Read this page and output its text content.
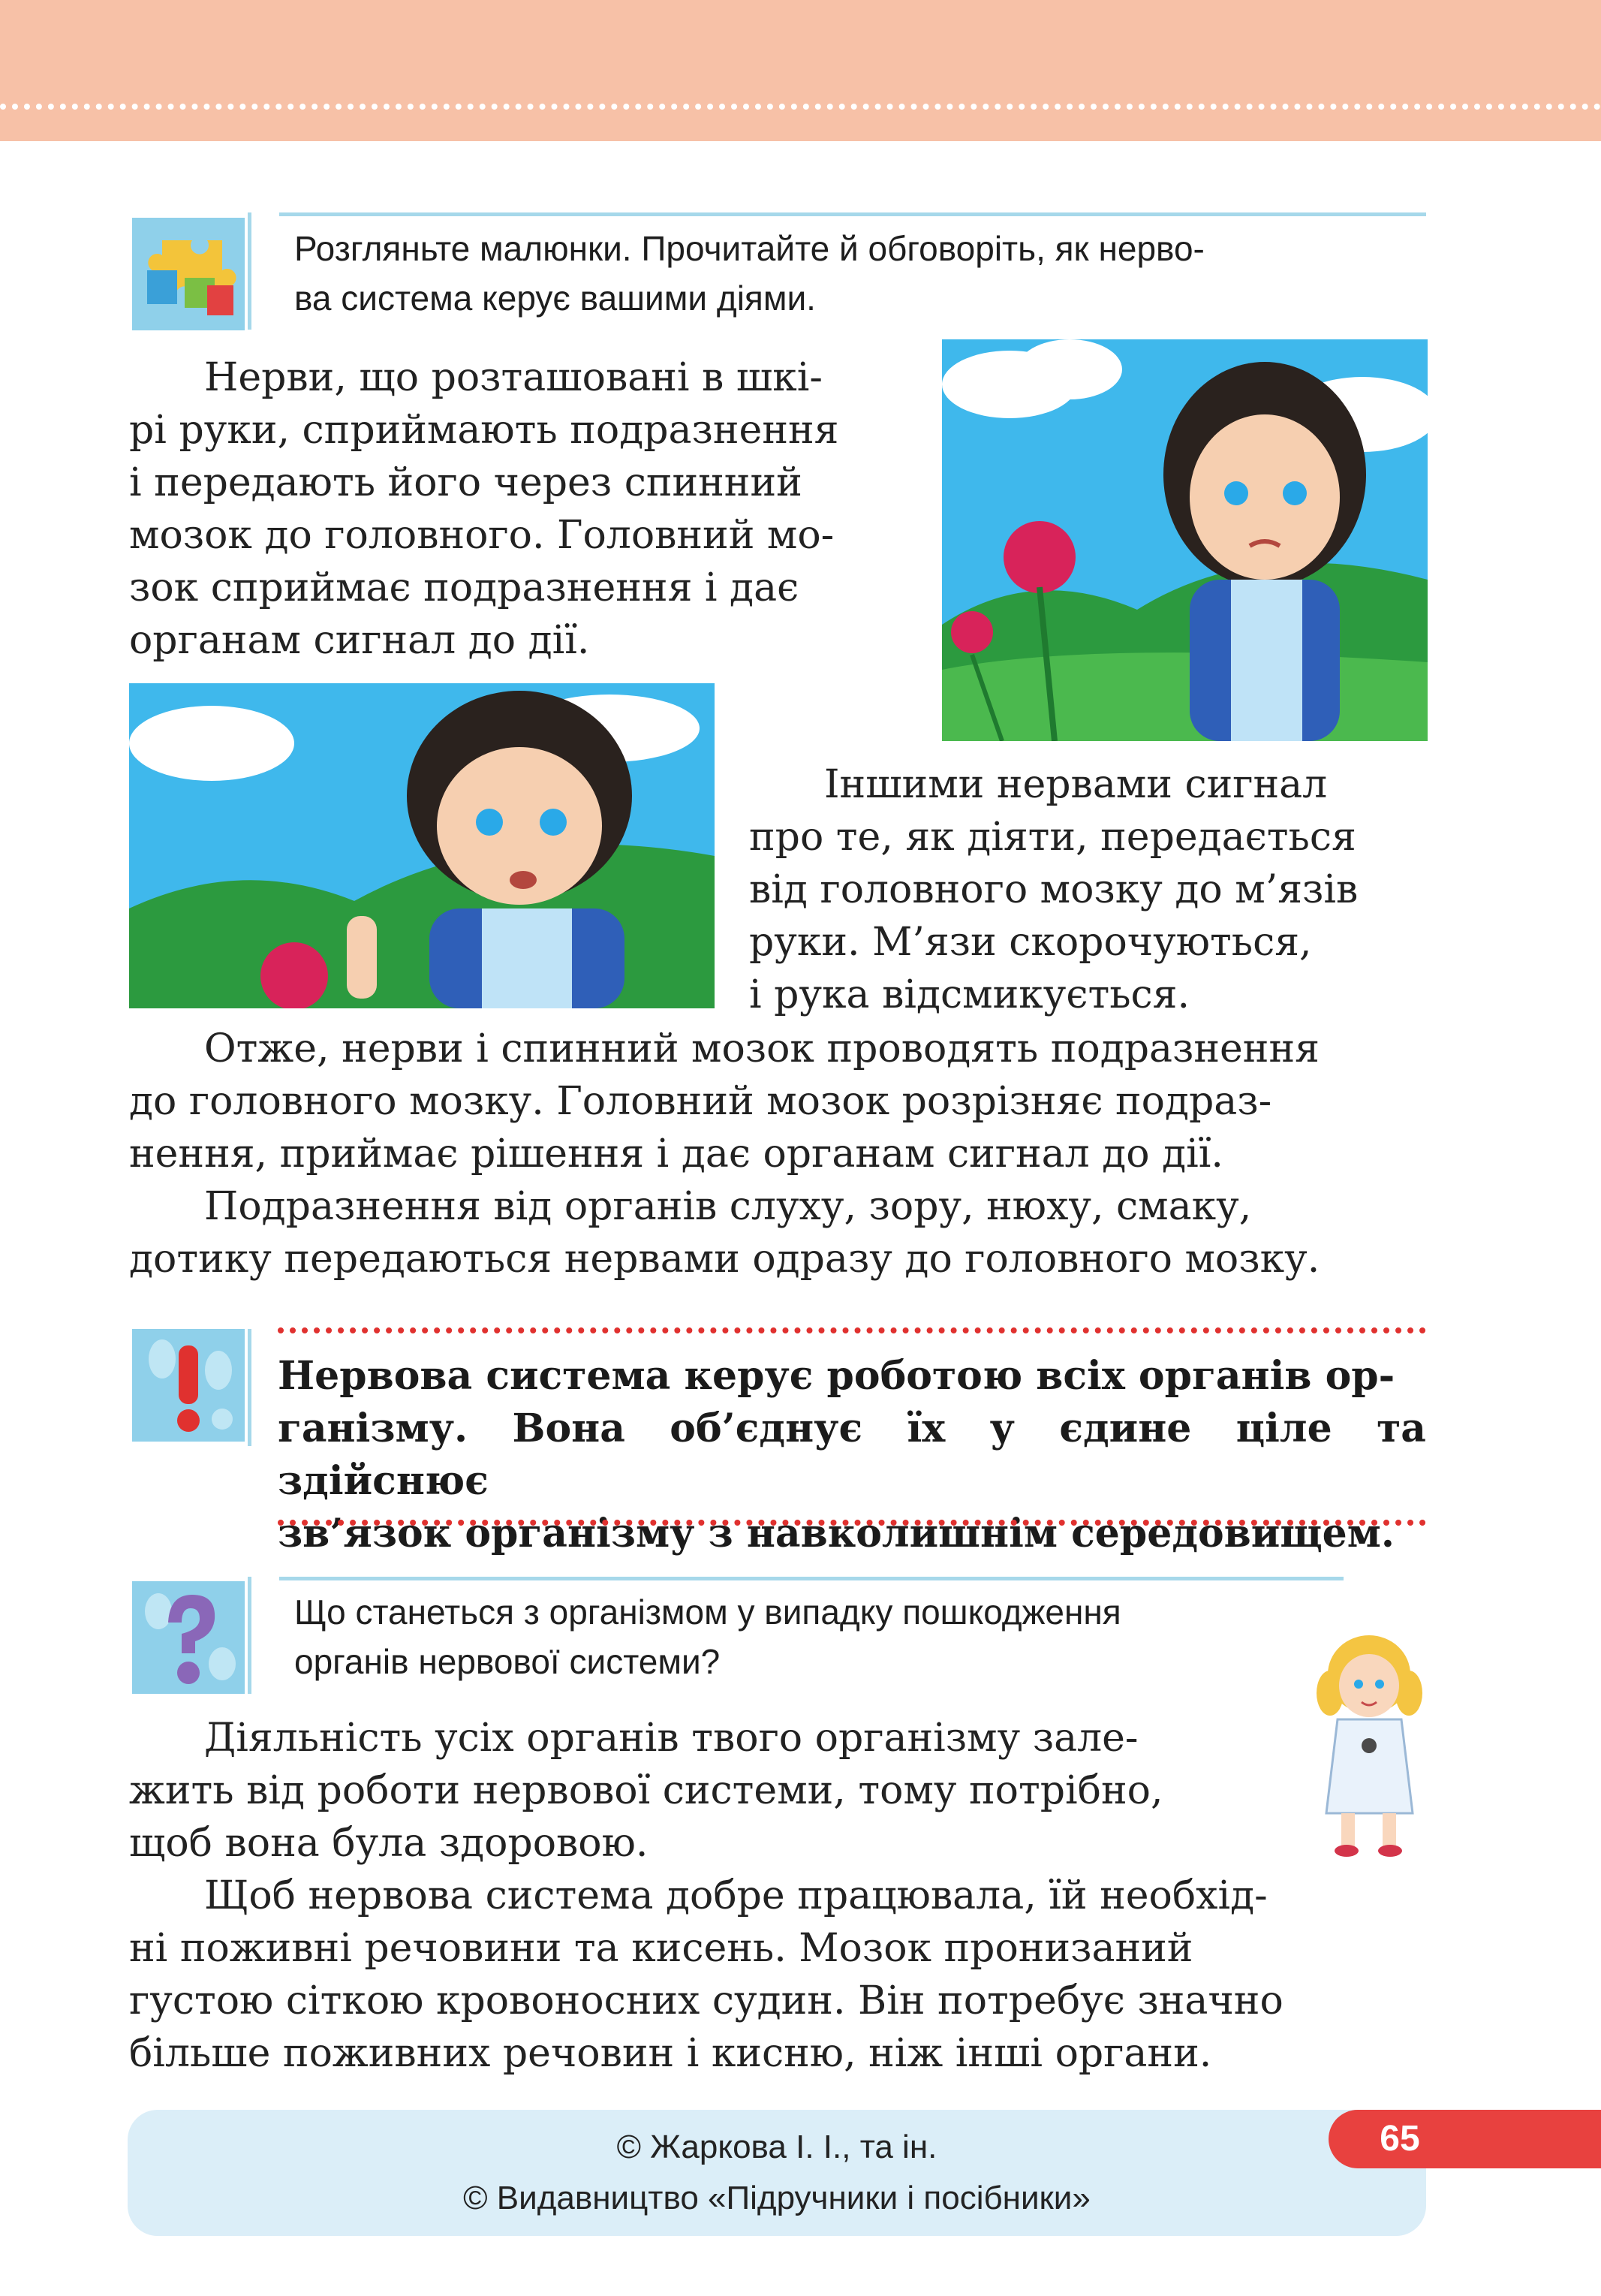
Розгляньте малюнки. Прочитайте й обговоріть, як нерво-
ва система керує вашими діями.
Нерви, що розташовані в шкі-
рі руки, сприймають подразнення
і передають його через спинний
мозок до головного. Головний мо-
зок сприймає подразнення і дає
органам сигнал до дії.
Іншими нервами сигнал
про те, як діяти, передається
від головного мозку до м’язів
руки. М’язи скорочуються,
і рука відсмикується.
Отже, нерви і спинний мозок проводять подразнення
до головного мозку. Головний мозок розрізняє подраз-
нення, приймає рішення і дає органам сигнал до дії.
Подразнення від органів слуху, зору, нюху, смаку,
дотику передаються нервами одразу до головного мозку.
Нервова система керує роботою всіх органів ор-
ганізму. Вона об’єднує їх у єдине ціле та здійснює
зв’язок організму з навколишнім середовищем.
Що станеться з організмом у випадку пошкодження
органів нервової системи?
Діяльність усіх органів твого організму зале-
жить від роботи нервової системи, тому потрібно,
щоб вона була здоровою.
Щоб нервова система добре працювала, їй необхід-
ні поживні речовини та кисень. Мозок пронизаний
густою сіткою кровоносних судин. Він потребує значно
більше поживних речовин і кисню, ніж інші органи.
65
© Жаркова І. І., та ін.
© Видавництво «Підручники і посібники»
